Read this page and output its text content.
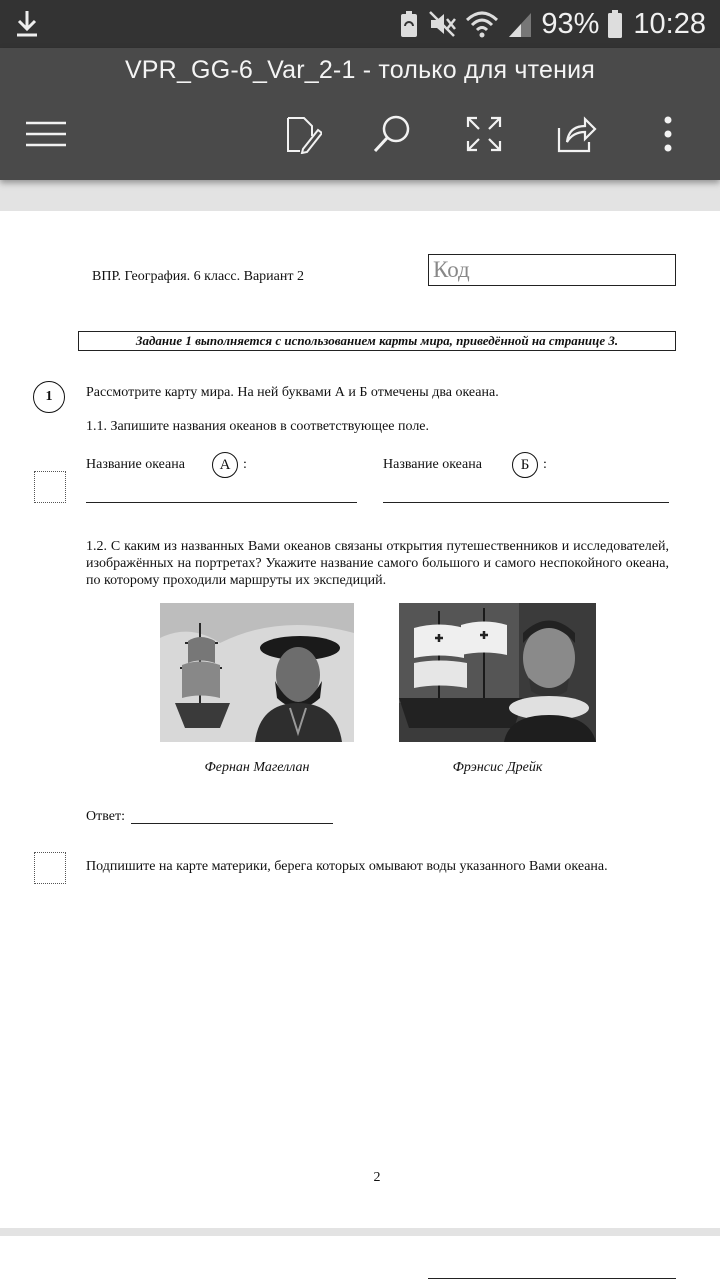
93% 10:28
VPR_GG-6_Var_2-1 - только для чтения
ВПР. География. 6 класс. Вариант 2	Код
Задание 1 выполняется с использованием карты мира, приведённой на странице 3.
1	Рассмотрите карту мира. На ней буквами А и Б отмечены два океана.
1.1. Запишите названия океанов в соответствующее поле.
Название океана	А :	Название океана	Б :
1.2. С каким из названных Вами океанов связаны открытия путешественников и исследователей, изображённых на портретах? Укажите название самого большого и самого неспокойного океана, по которому проходили маршруты их экспедиций.
Фернан Магеллан	Фрэнсис Дрейк
Ответ:
Подпишите на карте материки, берега которых омывают воды указанного Вами океана.
2
